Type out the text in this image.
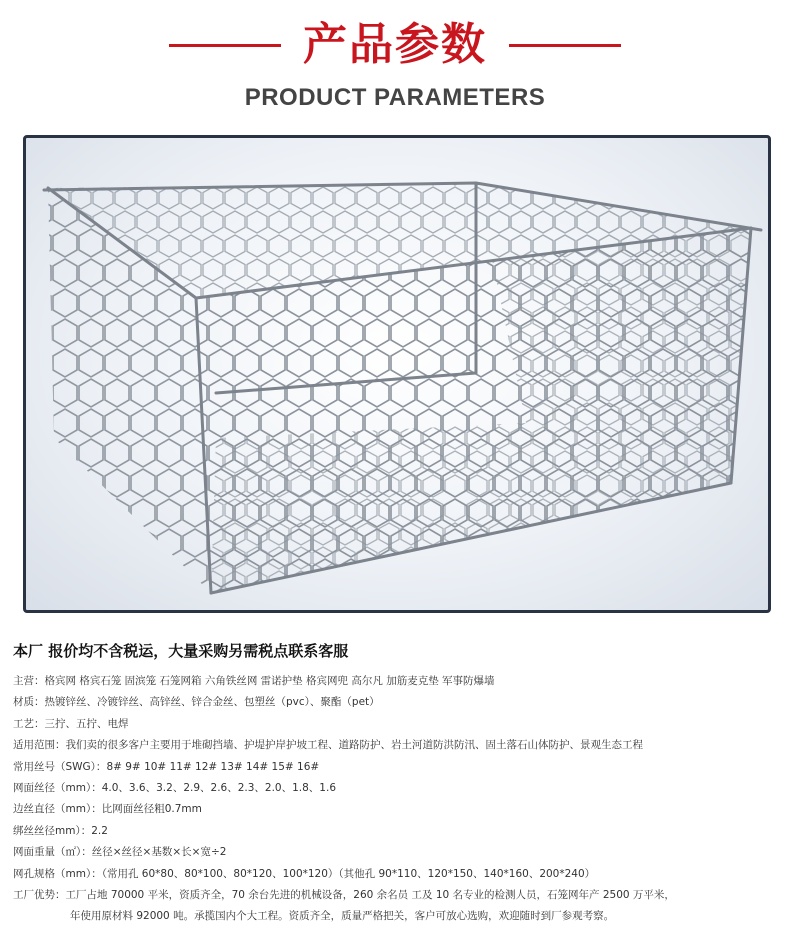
产品参数
PRODUCT PARAMETERS
本厂 报价均不含税运，大量采购另需税点联系客服
主营：格宾网 格宾石笼 固滨笼 石笼网箱 六角铁丝网 雷诺护垫 格宾网兜 高尔凡 加筋麦克垫 军事防爆墙
材质：热镀锌丝、冷镀锌丝、高锌丝、锌合金丝、包塑丝（pvc）、聚酯（pet）
工艺：三拧、五拧、电焊
适用范围：我们卖的很多客户主要用于堆砌挡墙、护堤护岸护坡工程、道路防护、岩土河道防洪防汛、固土落石山体防护、景观生态工程
常用丝号（SWG）：8# 9# 10# 11# 12# 13# 14# 15# 16#
网面丝径（mm）：4.0、3.6、3.2、2.9、2.6、2.3、2.0、1.8、1.6
边丝直径（mm）：比网面丝径粗0.7mm
绑丝丝径mm）：2.2
网面重量（㎡）：丝径×丝径×基数×长×宽÷2
网孔规格（mm）：（常用孔 60*80、80*100、80*120、100*120）（其他孔 90*110、120*150、140*160、200*240）
工厂优势：工厂占地 70000 平米，资质齐全，70 余台先进的机械设备，260 余名员 工及 10 名专业的检测人员，石笼网年产 2500 万平米，
年使用原材料 92000 吨。承揽国内个大工程。资质齐全，质量严格把关，客户可放心选购，欢迎随时到厂参观考察。
